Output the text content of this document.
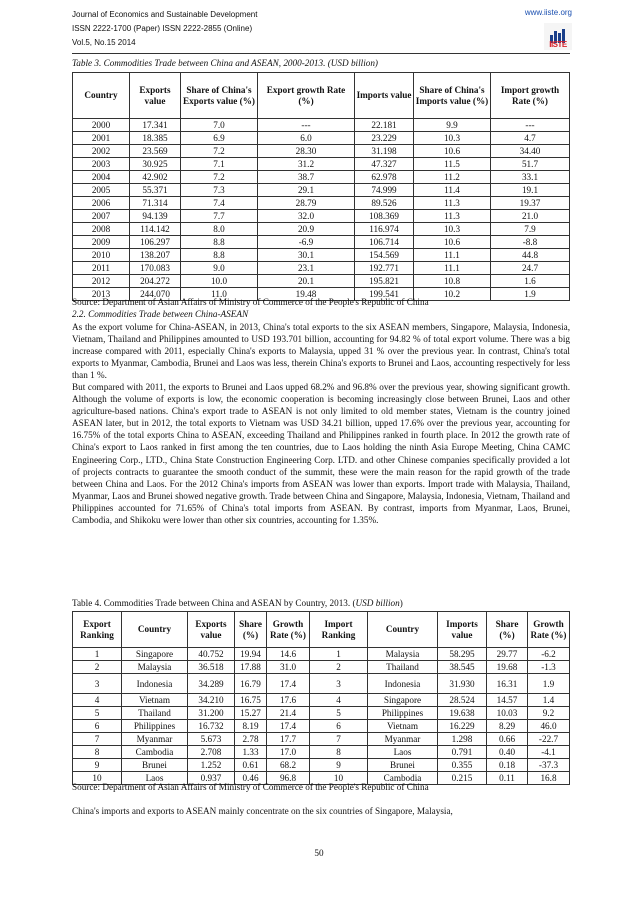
Journal of Economics and Sustainable Development
ISSN 2222-1700 (Paper) ISSN 2222-2855 (Online)
Vol.5, No.15 2014
www.iiste.org
IISTE
Table 3. Commodities Trade between China and ASEAN, 2000-2013. (USD billion)
Country	Exports value	Share of China's Exports value (%)	Export growth Rate (%)	Imports value	Share of China's Imports value (%)	Import growth Rate (%)
2000	17.341	7.0	---	22.181	9.9	---
2001	18.385	6.9	6.0	23.229	10.3	4.7
2002	23.569	7.2	28.30	31.198	10.6	34.40
2003	30.925	7.1	31.2	47.327	11.5	51.7
2004	42.902	7.2	38.7	62.978	11.2	33.1
2005	55.371	7.3	29.1	74.999	11.4	19.1
2006	71.314	7.4	28.79	89.526	11.3	19.37
2007	94.139	7.7	32.0	108.369	11.3	21.0
2008	114.142	8.0	20.9	116.974	10.3	7.9
2009	106.297	8.8	-6.9	106.714	10.6	-8.8
2010	138.207	8.8	30.1	154.569	11.1	44.8
2011	170.083	9.0	23.1	192.771	11.1	24.7
2012	204.272	10.0	20.1	195.821	10.8	1.6
2013	244.070	11.0	19.48	199.541	10.2	1.9
Source: Department of Asian Affairs of Ministry of Commerce of the People's Republic of China
2.2. Commodities Trade between China-ASEAN
As the export volume for China-ASEAN, in 2013, China's total exports to the six ASEAN members, Singapore, Malaysia, Indonesia, Vietnam, Thailand and Philippines amounted to USD 193.701 billion, accounting for 94.82 % of total export volume. There was a big increase compared with 2011, especially China's exports to Malaysia, upped 31 % over the previous year. In contrast, China's total exports to Myanmar, Cambodia, Brunei and Laos was less, therein China's exports to Brunei and Laos, accounting respectively for less than 1 %.
But compared with 2011, the exports to Brunei and Laos upped 68.2% and 96.8% over the previous year, showing significant growth. Although the volume of exports is low, the economic cooperation is becoming increasingly close between Brunei, Laos and other agriculture-based nations. China's export trade to ASEAN is not only limited to old member states, Vietnam is the country joined ASEAN later, but in 2012, the total exports to Vietnam was USD 34.21 billion, upped 17.6% over the previous year, accounting for 16.75% of the total exports China to ASEAN, exceeding Thailand and Philippines ranked in fourth place. In 2012 the growth rate of China's export to Laos ranked in first among the ten countries, due to Laos holding the ninth Asia Europe Meeting, China CAMC Engineering Corp., LTD., China State Construction Engineering Corp. LTD. and other Chinese companies specifically provided a lot of projects contracts to guarantee the smooth conduct of the summit, these were the main reason for the rapid growth of the trade between China and Laos. For the 2012 China's imports from ASEAN was lower than exports. Import trade with Malaysia, Thailand, Myanmar, Laos and Brunei showed negative growth. Trade between China and Singapore, Malaysia, Indonesia, Vietnam, Thailand and Philippines accounted for 71.65% of China's total imports from ASEAN. By contrast, imports from Myanmar, Laos, Brunei, Cambodia, and Shikoku were lower than other six countries, accounting for 1.35%.
Table 4. Commodities Trade between China and ASEAN by Country, 2013. (USD billion)
Export Ranking	Country	Exports value	Share (%)	Growth Rate (%)	Import Ranking	Country	Imports value	Share (%)	Growth Rate (%)
1	Singapore	40.752	19.94	14.6	1	Malaysia	58.295	29.77	-6.2
2	Malaysia	36.518	17.88	31.0	2	Thailand	38.545	19.68	-1.3
3	Indonesia	34.289	16.79	17.4	3	Indonesia	31.930	16.31	1.9
4	Vietnam	34.210	16.75	17.6	4	Singapore	28.524	14.57	1.4
5	Thailand	31.200	15.27	21.4	5	Philippines	19.638	10.03	9.2
6	Philippines	16.732	8.19	17.4	6	Vietnam	16.229	8.29	46.0
7	Myanmar	5.673	2.78	17.7	7	Myanmar	1.298	0.66	-22.7
8	Cambodia	2.708	1.33	17.0	8	Laos	0.791	0.40	-4.1
9	Brunei	1.252	0.61	68.2	9	Brunei	0.355	0.18	-37.3
10	Laos	0.937	0.46	96.8	10	Cambodia	0.215	0.11	16.8
Source: Department of Asian Affairs of Ministry of Commerce of the People's Republic of China
China's imports and exports to ASEAN mainly concentrate on the six countries of Singapore, Malaysia,
50
